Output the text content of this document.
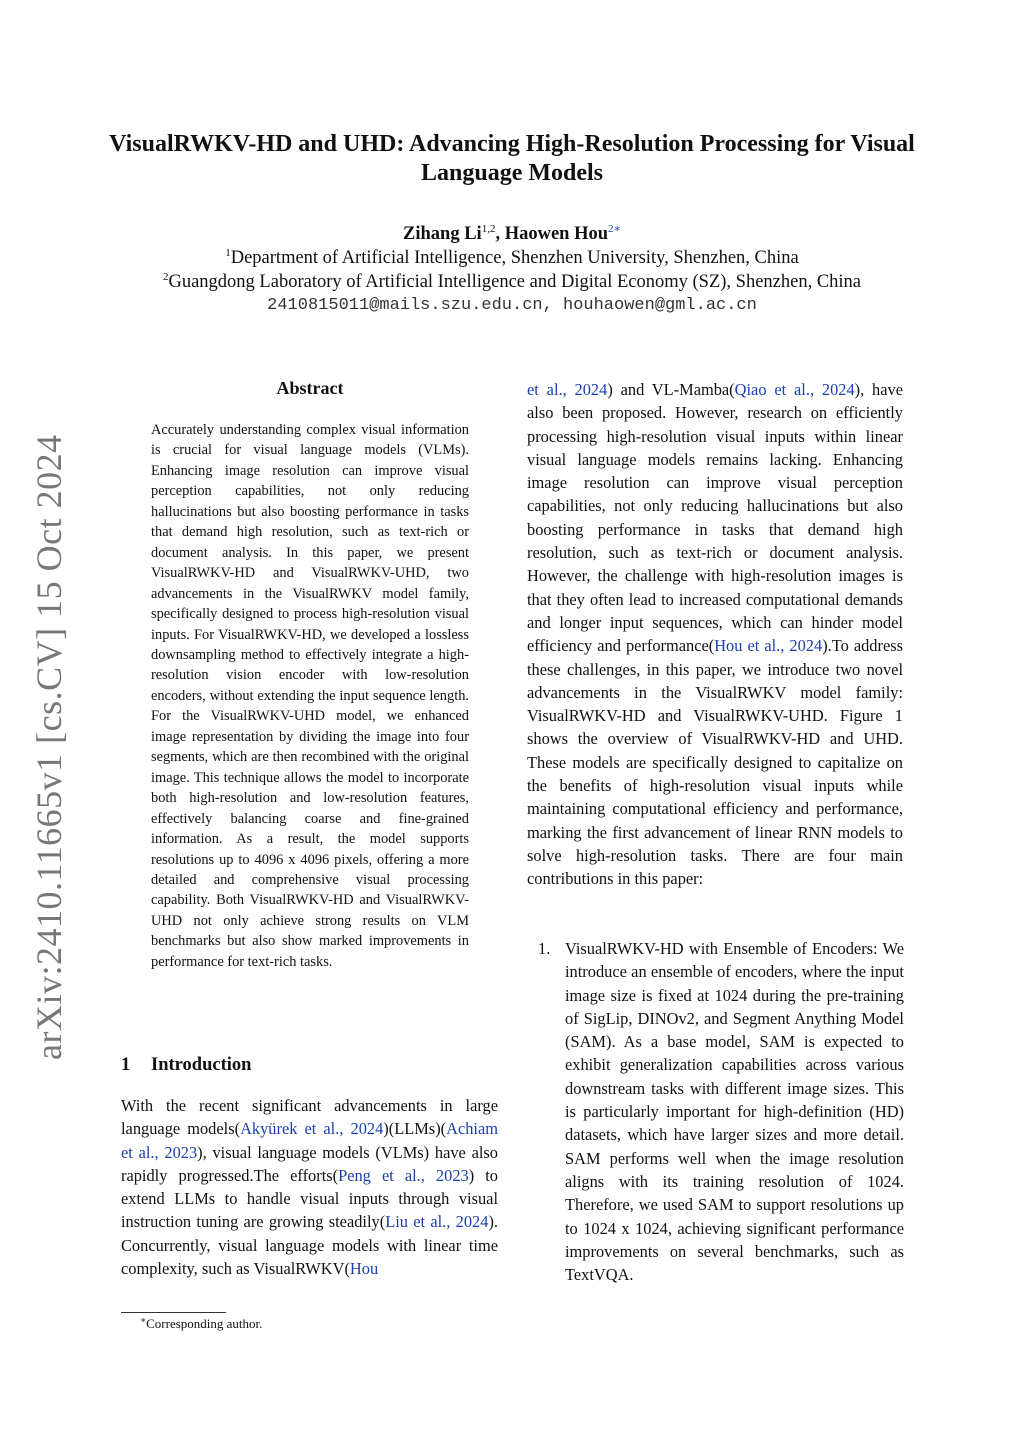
arXiv:2410.11665v1 [cs.CV] 15 Oct 2024
VisualRWKV-HD and UHD: Advancing High-Resolution Processing for Visual Language Models
Zihang Li$^{1,2}$, Haowen Hou$^{2∗}$
$^1$Department of Artificial Intelligence, Shenzhen University, Shenzhen, China
$^2$Guangdong Laboratory of Artificial Intelligence and Digital Economy (SZ), Shenzhen, China
2410815011@mails.szu.edu.cn, houhaowen@gml.ac.cn
Abstract

Accurately understanding complex visual information is crucial for visual language models (VLMs). Enhancing image resolution can improve visual perception capabilities, not only reducing hallucinations but also boosting performance in tasks that demand high resolution, such as text-rich or document analysis. In this paper, we present VisualRWKV-HD and VisualRWKV-UHD, two advancements in the VisualRWKV model family, specifically designed to process high-resolution visual inputs. For VisualRWKV-HD, we developed a lossless downsampling method to effectively integrate a high-resolution vision encoder with low-resolution encoders, without extending the input sequence length. For the VisualRWKV-UHD model, we enhanced image representation by dividing the image into four segments, which are then recombined with the original image. This technique allows the model to incorporate both high-resolution and low-resolution features, effectively balancing coarse and fine-grained information. As a result, the model supports resolutions up to 4096 x 4096 pixels, offering a more detailed and comprehensive visual processing capability. Both VisualRWKV-HD and VisualRWKV-UHD not only achieve strong results on VLM benchmarks but also show marked improvements in performance for text-rich tasks.

1 Introduction

With the recent significant advancements in large language models(Akyürek et al., 2024)(LLMs)(Achiam et al., 2023), visual language models (VLMs) have also rapidly progressed.The efforts(Peng et al., 2023) to extend LLMs to handle visual inputs through visual instruction tuning are growing steadily(Liu et al., 2024). Concurrently, visual language models with linear time complexity, such as VisualRWKV(Hou

∗Corresponding author.

et al., 2024) and VL-Mamba(Qiao et al., 2024), have also been proposed. However, research on efficiently processing high-resolution visual inputs within linear visual language models remains lacking. Enhancing image resolution can improve visual perception capabilities, not only reducing hallucinations but also boosting performance in tasks that demand high resolution, such as text-rich or document analysis. However, the challenge with high-resolution images is that they often lead to increased computational demands and longer input sequences, which can hinder model efficiency and performance(Hou et al., 2024).To address these challenges, in this paper, we introduce two novel advancements in the VisualRWKV model family: VisualRWKV-HD and VisualRWKV-UHD. Figure 1 shows the overview of VisualRWKV-HD and UHD. These models are specifically designed to capitalize on the benefits of high-resolution visual inputs while maintaining computational efficiency and performance, marking the first advancement of linear RNN models to solve high-resolution tasks. There are four main contributions in this paper:

1. VisualRWKV-HD with Ensemble of Encoders: We introduce an ensemble of encoders, where the input image size is fixed at 1024 during the pre-training of SigLip, DINOv2, and Segment Anything Model (SAM). As a base model, SAM is expected to exhibit generalization capabilities across various downstream tasks with different image sizes. This is particularly important for high-definition (HD) datasets, which have larger sizes and more detail. SAM performs well when the image resolution aligns with its training resolution of 1024. Therefore, we used SAM to support resolutions up to 1024 x 1024, achieving significant performance improvements on several benchmarks, such as TextVQA.
